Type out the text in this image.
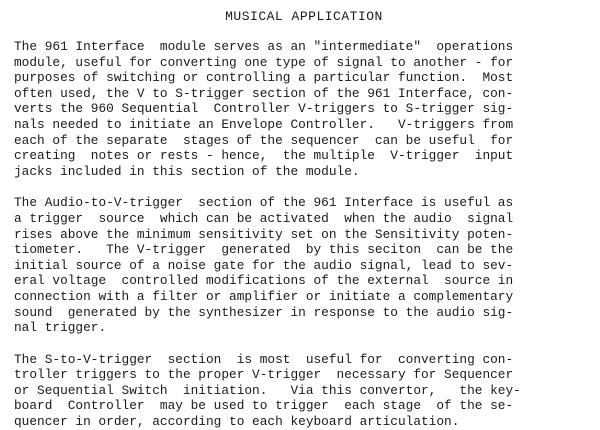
MUSICAL APPLICATION
The 961 Interface  module serves as an "intermediate"  operations
module, useful for converting one type of signal to another - for
purposes of switching or controlling a particular function.  Most
often used, the V to S-trigger section of the 961 Interface, con-
verts the 960 Sequential  Controller V-triggers to S-trigger sig-
nals needed to initiate an Envelope Controller.   V-triggers from
each of the separate  stages of the sequencer  can be useful  for
creating  notes or rests - hence,  the multiple  V-trigger  input
jacks included in this section of the module.
The Audio-to-V-trigger  section of the 961 Interface is useful as
a trigger  source  which can be activated  when the audio  signal
rises above the minimum sensitivity set on the Sensitivity poten-
tiometer.   The V-trigger  generated  by this seciton  can be the
initial source of a noise gate for the audio signal, lead to sev-
eral voltage  controlled modifications of the external  source in
connection with a filter or amplifier or initiate a complementary
sound  generated by the synthesizer in response to the audio sig-
nal trigger.
The S-to-V-trigger  section  is most  useful for  converting con-
troller triggers to the proper V-trigger  necessary for Sequencer
or Sequential Switch  initiation.   Via this convertor,   the key-
board  Controller  may be used to trigger  each stage  of the se-
quencer in order, according to each keyboard articulation.
